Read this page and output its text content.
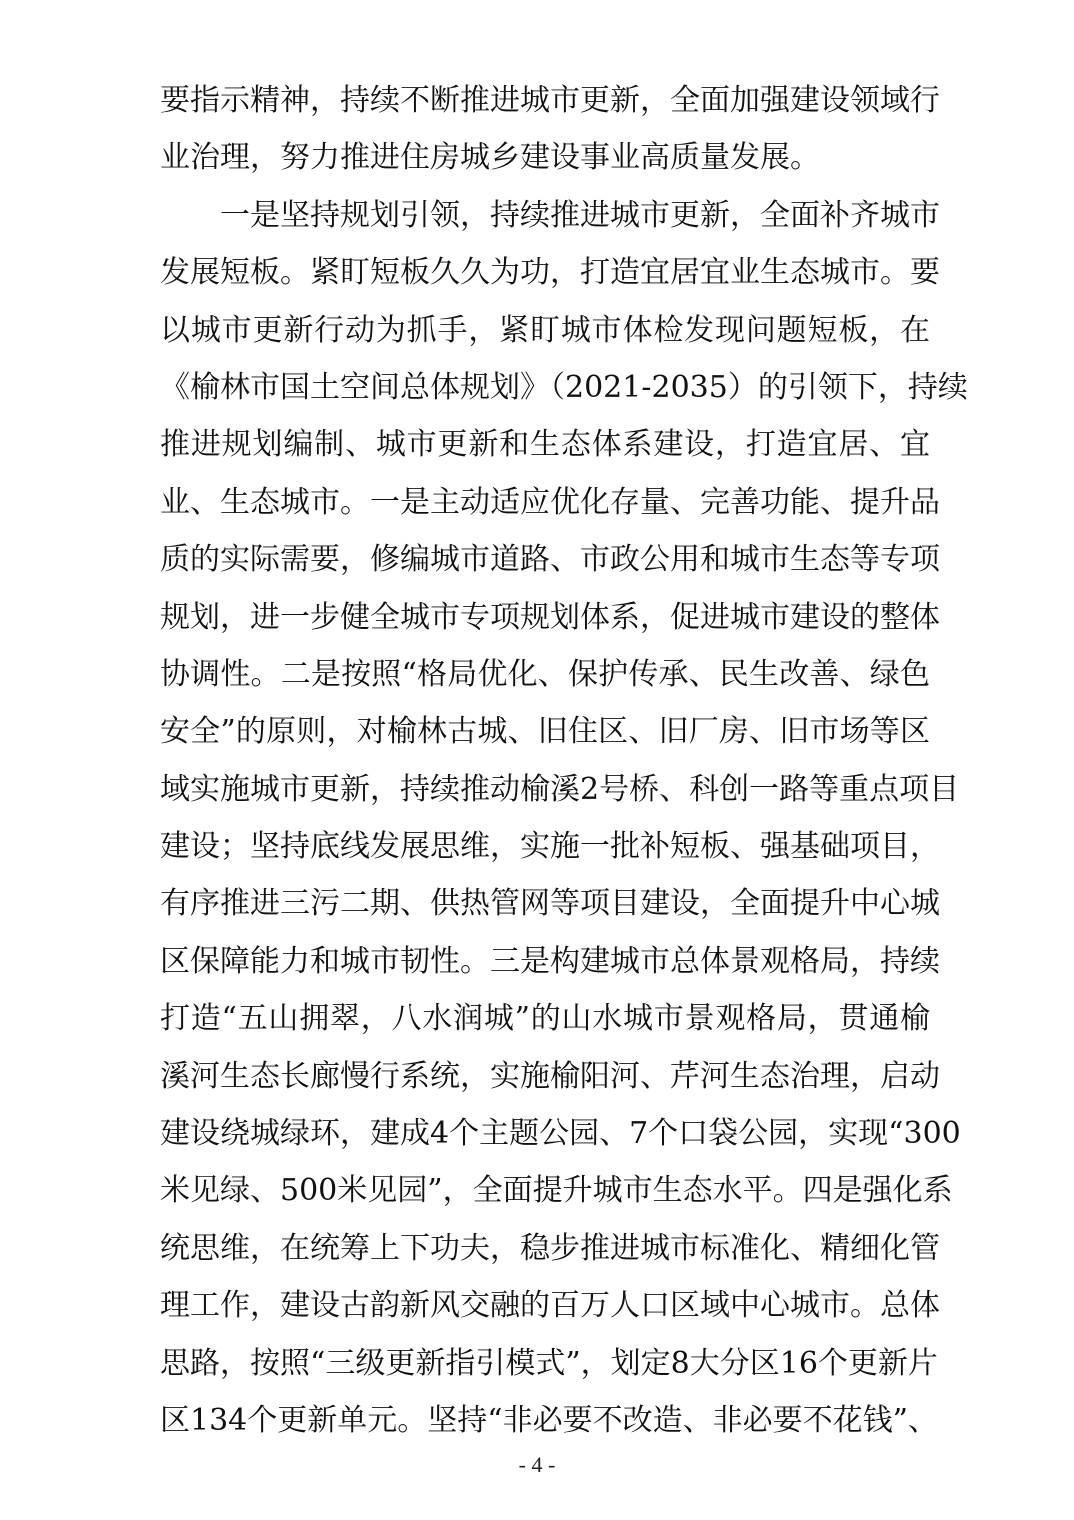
要指示精神，持续不断推进城市更新，全面加强建设领域行
业治理，努力推进住房城乡建设事业高质量发展。
　　一是坚持规划引领，持续推进城市更新，全面补齐城市
发展短板。紧盯短板久久为功，打造宜居宜业生态城市。要
以城市更新行动为抓手，紧盯城市体检发现问题短板，在
《榆林市国土空间总体规划》（2021-2035）的引领下，持续
推进规划编制、城市更新和生态体系建设，打造宜居、宜
业、生态城市。一是主动适应优化存量、完善功能、提升品
质的实际需要，修编城市道路、市政公用和城市生态等专项
规划，进一步健全城市专项规划体系，促进城市建设的整体
协调性。二是按照“格局优化、保护传承、民生改善、绿色
安全”的原则，对榆林古城、旧住区、旧厂房、旧市场等区
域实施城市更新，持续推动榆溪2号桥、科创一路等重点项目
建设；坚持底线发展思维，实施一批补短板、强基础项目，
有序推进三污二期、供热管网等项目建设，全面提升中心城
区保障能力和城市韧性。三是构建城市总体景观格局，持续
打造“五山拥翠，八水润城”的山水城市景观格局，贯通榆
溪河生态长廊慢行系统，实施榆阳河、芹河生态治理，启动
建设绕城绿环，建成4个主题公园、7个口袋公园，实现“300
米见绿、500米见园”，全面提升城市生态水平。四是强化系
统思维，在统筹上下功夫，稳步推进城市标准化、精细化管
理工作，建设古韵新风交融的百万人口区域中心城市。总体
思路，按照“三级更新指引模式”，划定8大分区16个更新片
区134个更新单元。坚持“非必要不改造、非必要不花钱”、
- 4 -
